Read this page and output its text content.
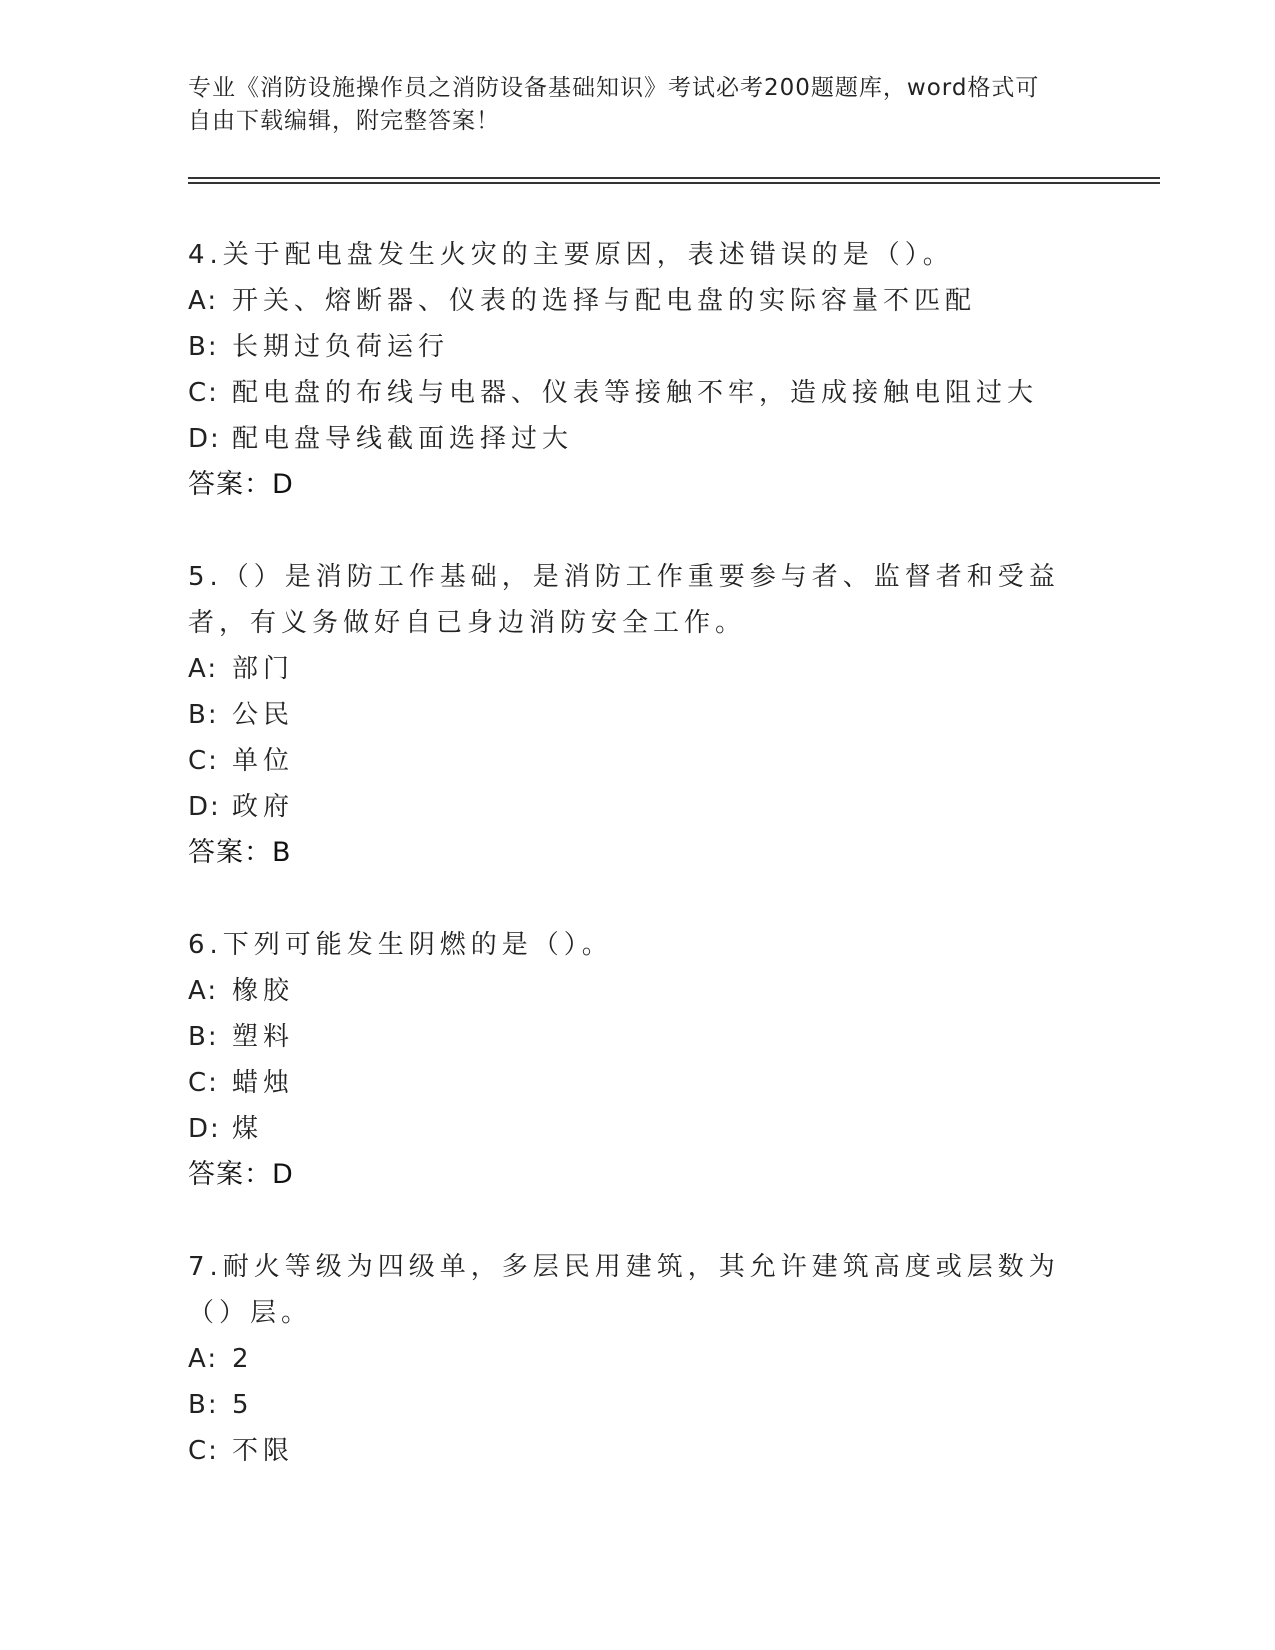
专业《消防设施操作员之消防设备基础知识》考试必考200题题库，word格式可
自由下载编辑，附完整答案！

4.关于配电盘发生火灾的主要原因，表述错误的是（）。

A: 开关、熔断器、仪表的选择与配电盘的实际容量不匹配

B: 长期过负荷运行

C: 配电盘的布线与电器、仪表等接触不牢，造成接触电阻过大

D: 配电盘导线截面选择过大

答案：D

5.（）是消防工作基础，是消防工作重要参与者、监督者和受益者，有义务做好自已身边消防安全工作。

A: 部门

B: 公民

C: 单位

D: 政府

答案：B

6.下列可能发生阴燃的是（）。

A: 橡胶

B: 塑料

C: 蜡烛

D: 煤

答案：D

7.耐火等级为四级单，多层民用建筑，其允许建筑高度或层数为（）层。

A: 2

B: 5

C: 不限
